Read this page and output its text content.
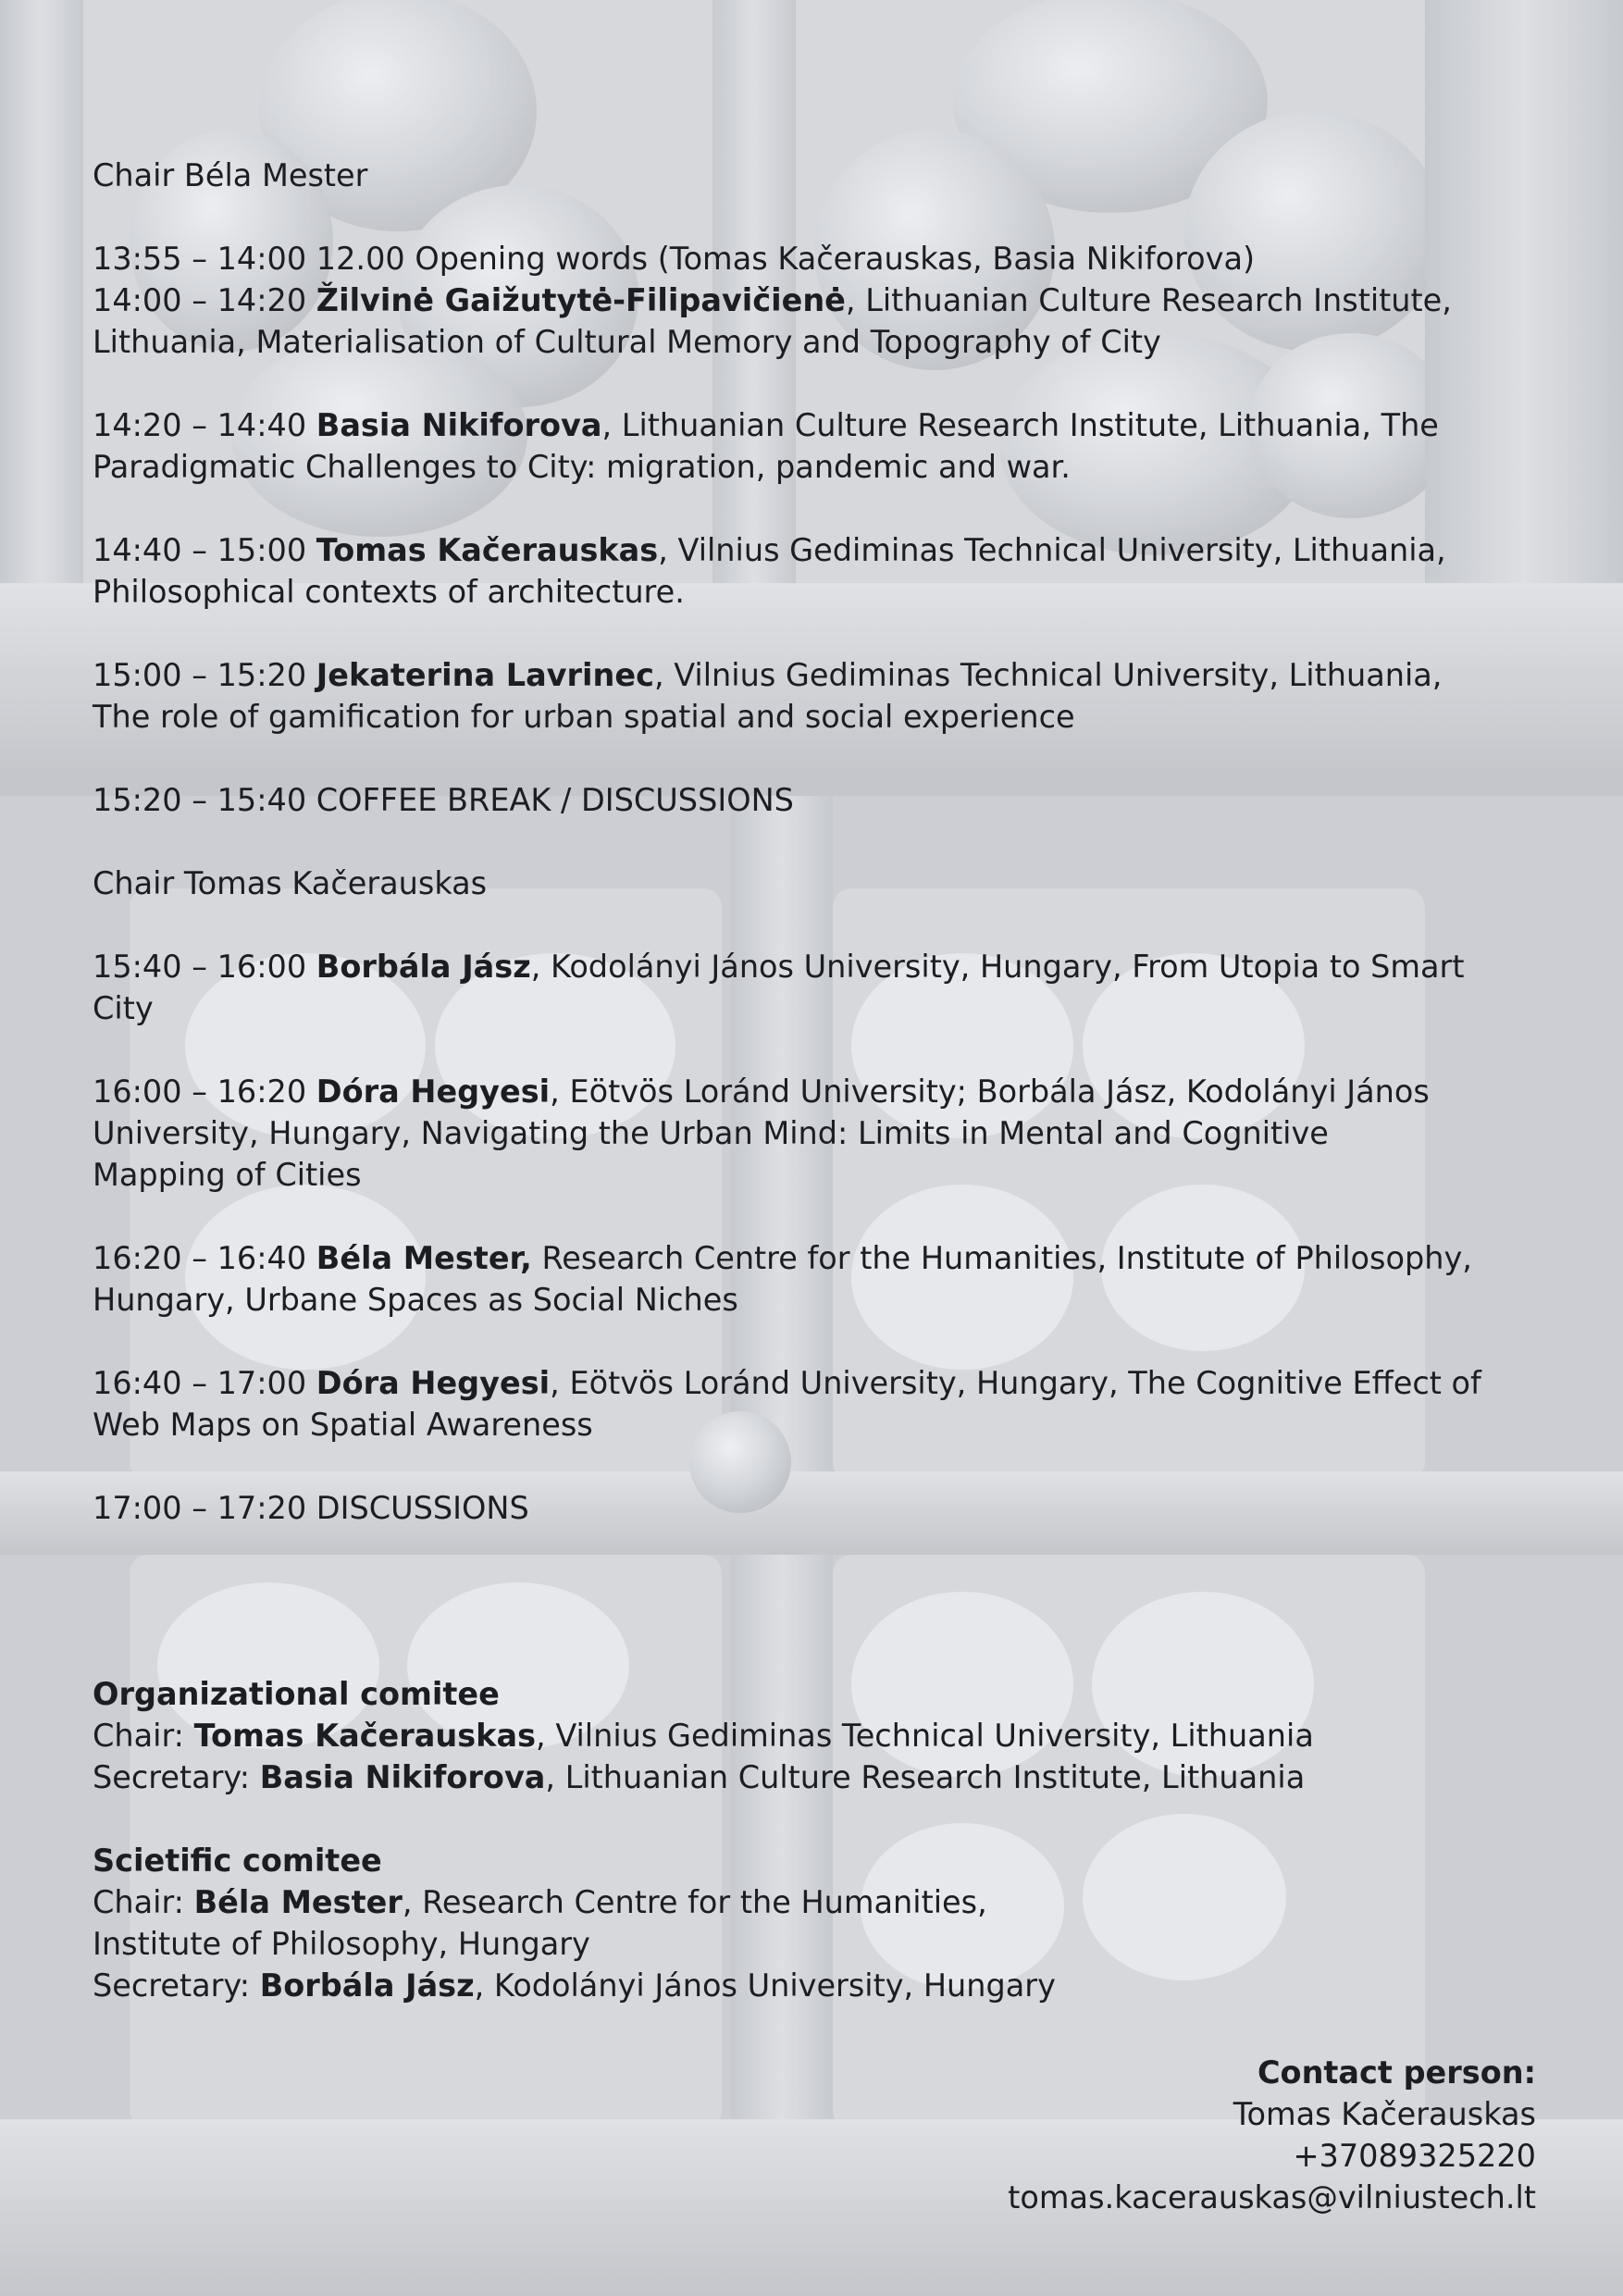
Chair Béla Mester

13:55 – 14:00 12.00 Opening words (Tomas Kačerauskas, Basia Nikiforova)

14:00 – 14:20 Žilvinė Gaižutytė-Filipavičienė, Lithuanian Culture Research Institute,
Lithuania, Materialisation of Cultural Memory and Topography of City

14:20 – 14:40 Basia Nikiforova, Lithuanian Culture Research Institute, Lithuania, The
Paradigmatic Challenges to City: migration, pandemic and war.

14:40 – 15:00 Tomas Kačerauskas, Vilnius Gediminas Technical University, Lithuania,
Philosophical contexts of architecture.

15:00 – 15:20 Jekaterina Lavrinec, Vilnius Gediminas Technical University, Lithuania,
The role of gamification for urban spatial and social experience

15:20 – 15:40 COFFEE BREAK / DISCUSSIONS

Chair Tomas Kačerauskas

15:40 – 16:00 Borbála Jász, Kodolányi János University, Hungary, From Utopia to Smart
City

16:00 – 16:20 Dóra Hegyesi, Eötvös Loránd University; Borbála Jász, Kodolányi János
University, Hungary, Navigating the Urban Mind: Limits in Mental and Cognitive
Mapping of Cities

16:20 – 16:40 Béla Mester, Research Centre for the Humanities, Institute of Philosophy,
Hungary, Urbane Spaces as Social Niches

16:40 – 17:00 Dóra Hegyesi, Eötvös Loránd University, Hungary, The Cognitive Effect of
Web Maps on Spatial Awareness

17:00 – 17:20 DISCUSSIONS

Organizational comitee
Chair: Tomas Kačerauskas, Vilnius Gediminas Technical University, Lithuania
Secretary: Basia Nikiforova, Lithuanian Culture Research Institute, Lithuania

Scietific comitee
Chair: Béla Mester, Research Centre for the Humanities,
Institute of Philosophy, Hungary
Secretary: Borbála Jász, Kodolányi János University, Hungary

Contact person:
Tomas Kačerauskas
+37089325220
tomas.kacerauskas@vilniustech.lt
